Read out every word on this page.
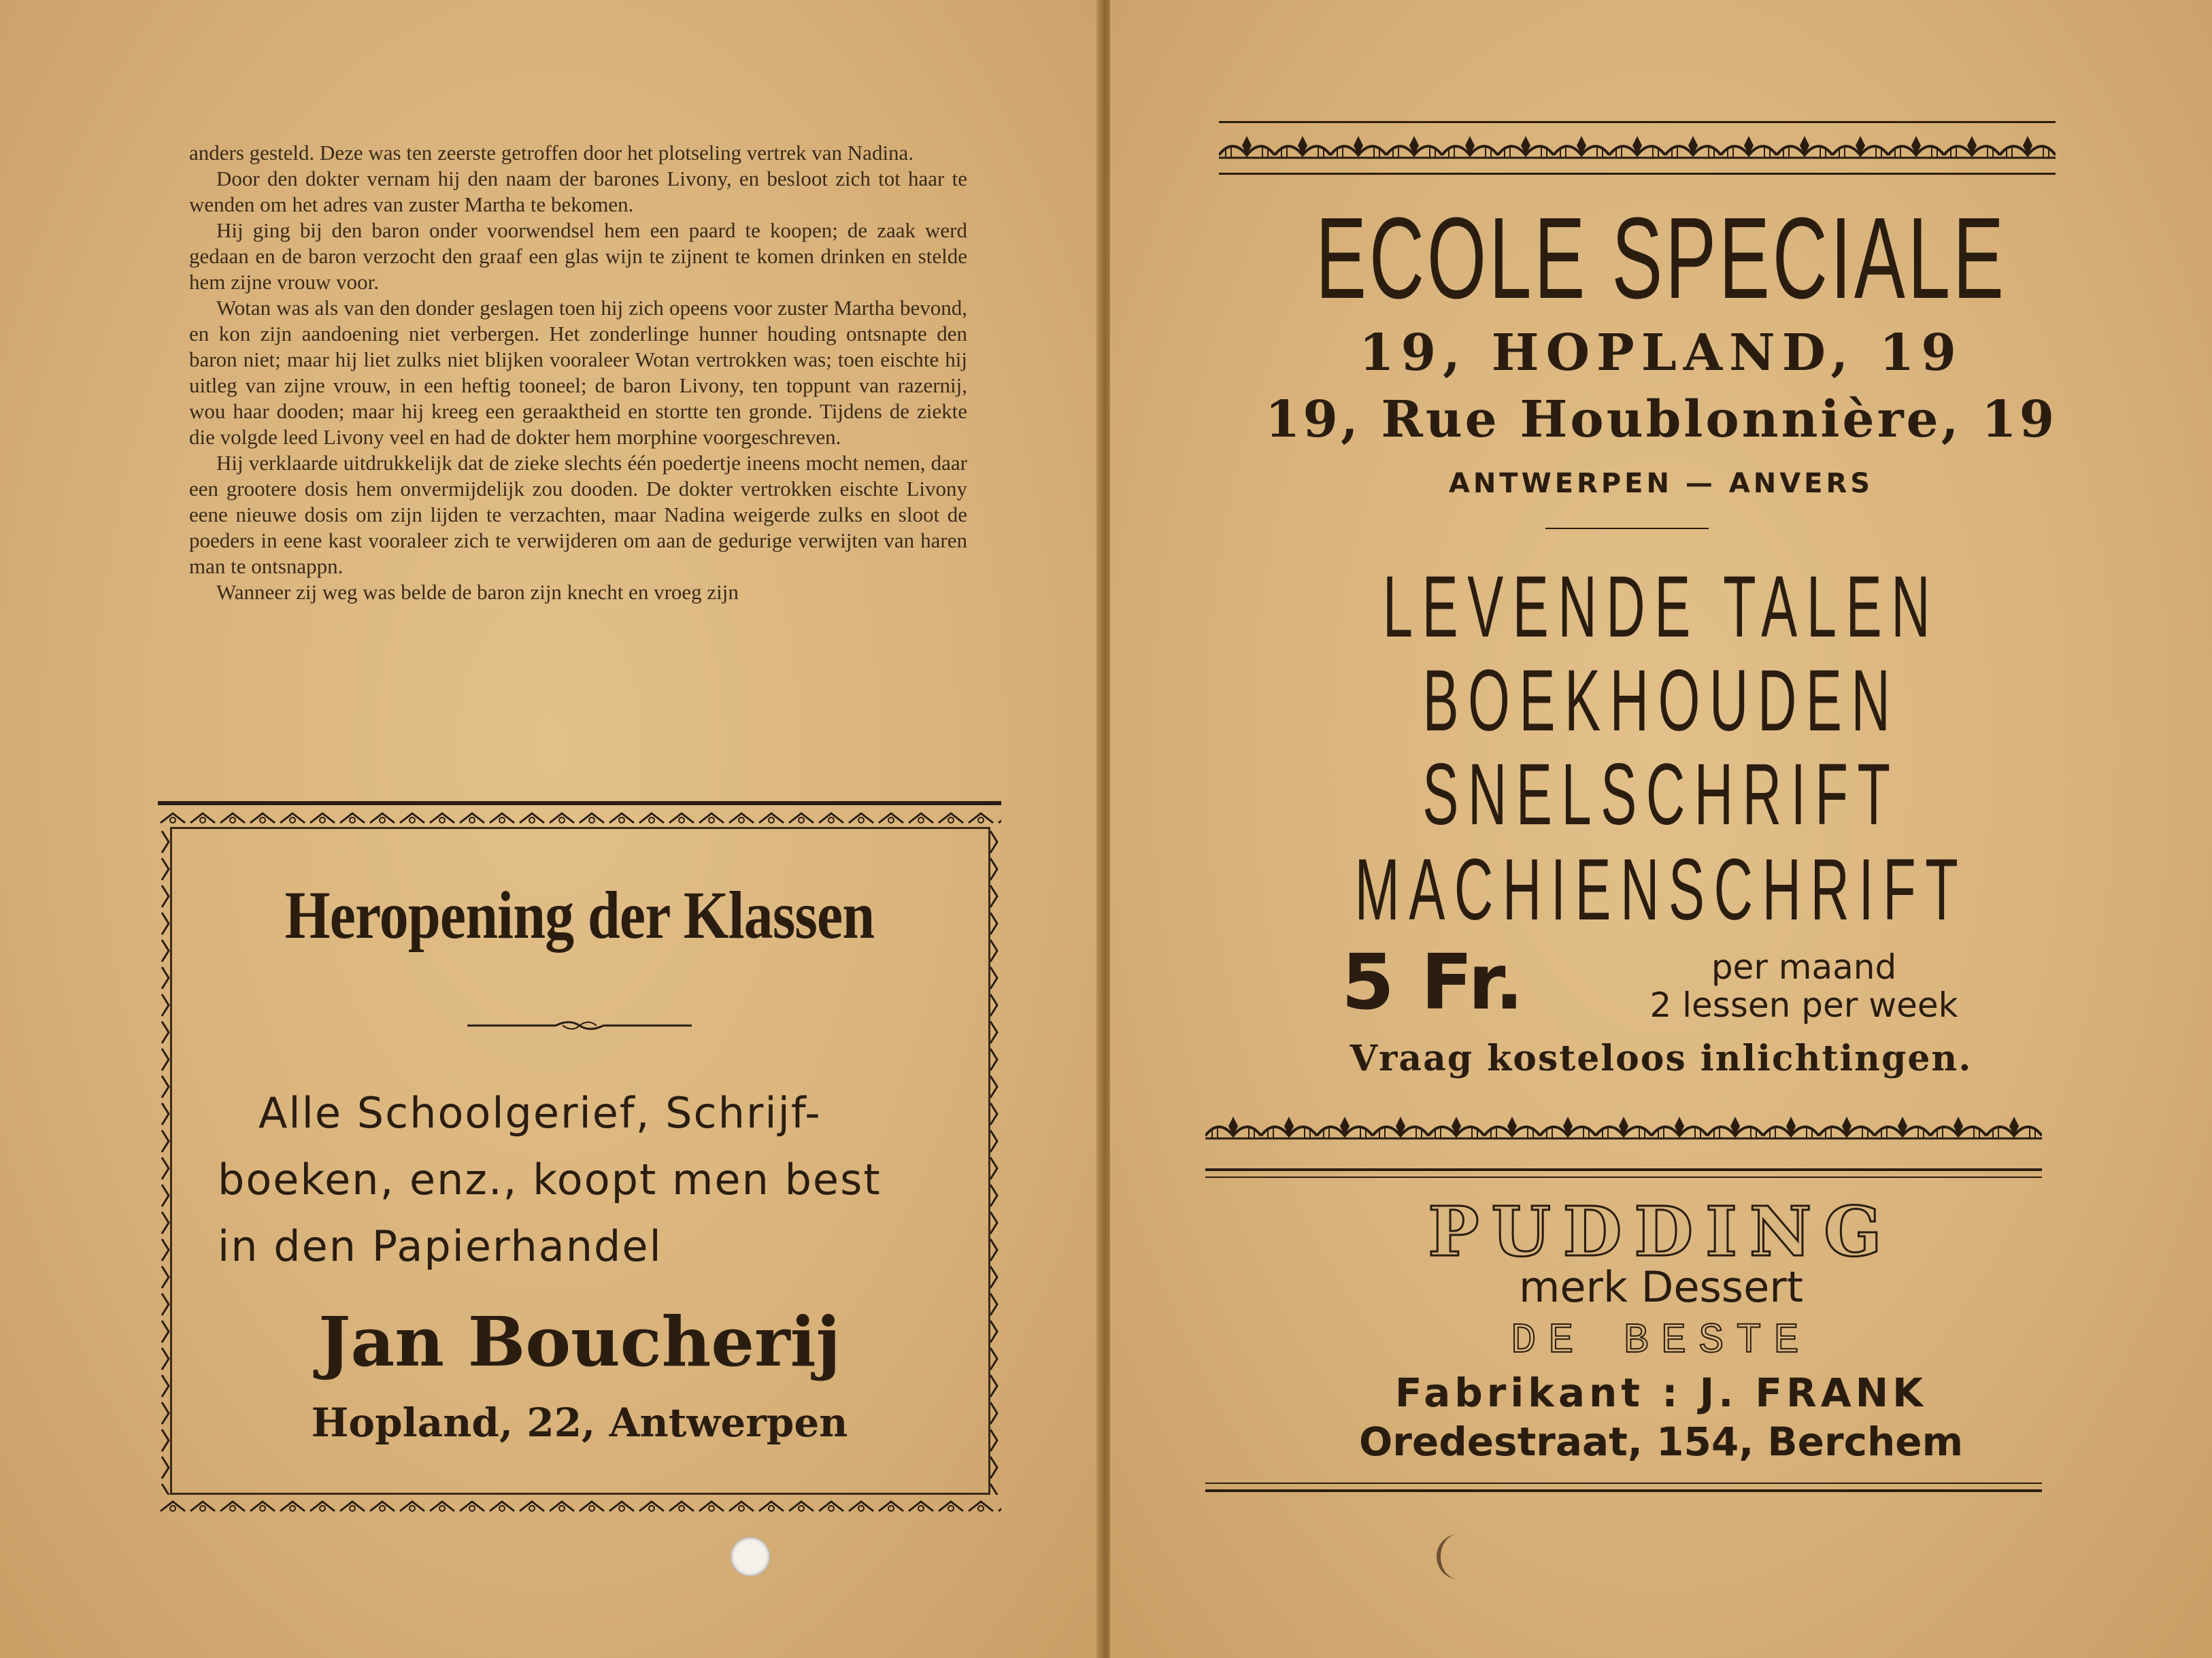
anders gesteld. Deze was ten zeerste getroffen door het plotseling vertrek van Nadina.

Door den dokter vernam hij den naam der barones Livony, en besloot zich tot haar te wenden om het adres van zuster Martha te bekomen.

Hij ging bij den baron onder voorwendsel hem een paard te koopen; de zaak werd gedaan en de baron verzocht den graaf een glas wijn te zijnent te komen drinken en stelde hem zijne vrouw voor.

Wotan was als van den donder geslagen toen hij zich opeens voor zuster Martha bevond, en kon zijn aandoening niet verbergen. Het zonderlinge hunner houding ontsnapte den baron niet; maar hij liet zulks niet blijken vooraleer Wotan vertrokken was; toen eischte hij uitleg van zijne vrouw, in een heftig tooneel; de baron Livony, ten toppunt van razernij, wou haar dooden; maar hij kreeg een geraaktheid en stortte ten gronde. Tijdens de ziekte die volgde leed Livony veel en had de dokter hem morphine voorgeschreven.

Hij verklaarde uitdrukkelijk dat de zieke slechts één poedertje ineens mocht nemen, daar een grootere dosis hem onvermijdelijk zou dooden. De dokter vertrokken eischte Livony eene nieuwe dosis om zijn lijden te verzachten, maar Nadina weigerde zulks en sloot de poeders in eene kast vooraleer zich te verwijderen om aan de gedurige verwijten van haren man te ontsnappn.

Wanneer zij weg was belde de baron zijn knecht en vroeg zijn

Heropening der Klassen
Alle Schoolgerief, Schrijf-
boeken, enz., koopt men best
in den Papierhandel
Jan Boucherij
Hopland, 22, Antwerpen
ECOLE SPECIALE
19, HOPLAND, 19
19, Rue Houblonnière, 19
ANTWERPEN — ANVERS
LEVENDE TALEN
BOEKHOUDEN
SNELSCHRIFT
MACHIENSCHRIFT
5 Fr.	per maand
2 lessen per week
Vraag kosteloos inlichtingen.
PUDDING
merk Dessert
DE BESTE
Fabrikant : J. FRANK
Oredestraat, 154, Berchem
